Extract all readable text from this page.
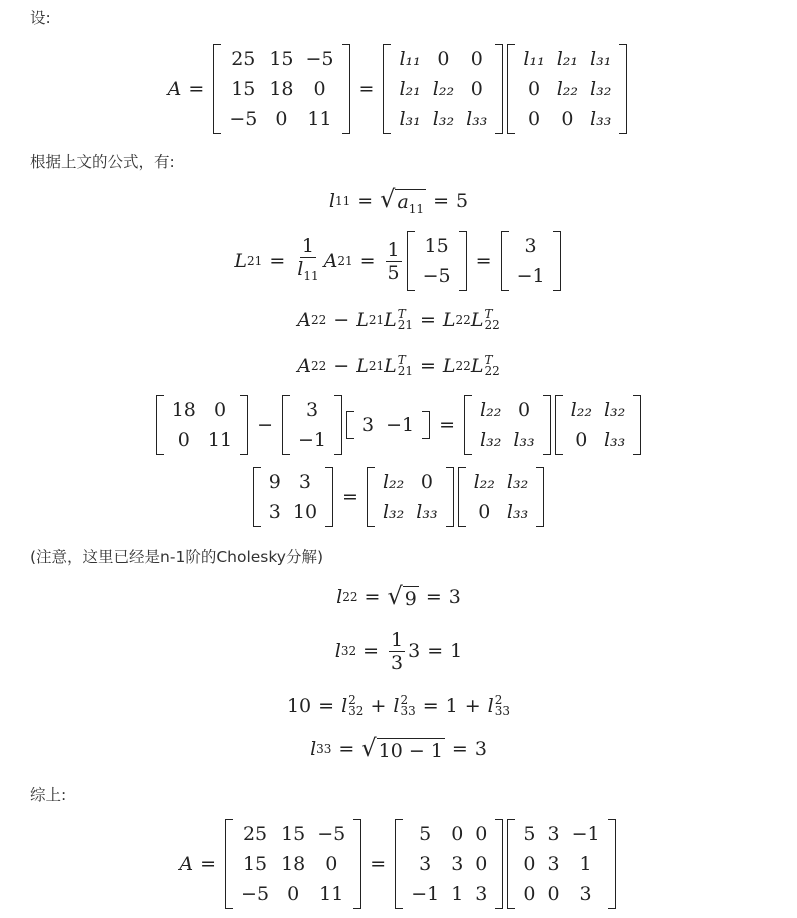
设:
根据上文的公式，有:
(注意，这里已经是n-1阶的Cholesky分解)
综上:
A =
25 15 −5
15 18	0
−5 0	11
=
l₁₁ 0	0
l₂₁ l₂₂ 0
l₃₁ l₃₂ l₃₃
l₁₁ l₂₁ l₃₁
0 l₂₂ l₃₂
0	0 l₃₃
l 11 = √ $a_{11} = 5$
L $21 = \frac{1}{l_{11}}$ A $21 = \frac{1}{5}$	15
−5
=
3
−1
A 22 − L 21 L T
21 = L 22 L T
22
A 22 − L 21 L T
21 = L 22 L T
22
18 0
0 11
−
3
−1
3 −1	=
l₂₂ 0
l₃₂ l₃₃
l₂₂ l₃₂
0 l₃₃
9 3
3 10
=
l₂₂ 0
l₃₂ l₃₃
l₂₂ l₃₂
0 l₃₃
l 22 = √ 9 = 3
l $32 = \frac{1}{3} 3 = 1$
10 = l 2
32 + l 2
33 = 1 + l 2
33
l 33 = √ 10 − 1 = 3
A =
25 15 −5
15 18	0
−5 0	11
=
5	0 0
3	3 0
−1 1 3
5 3 −1
0 3	1
0 0	3
